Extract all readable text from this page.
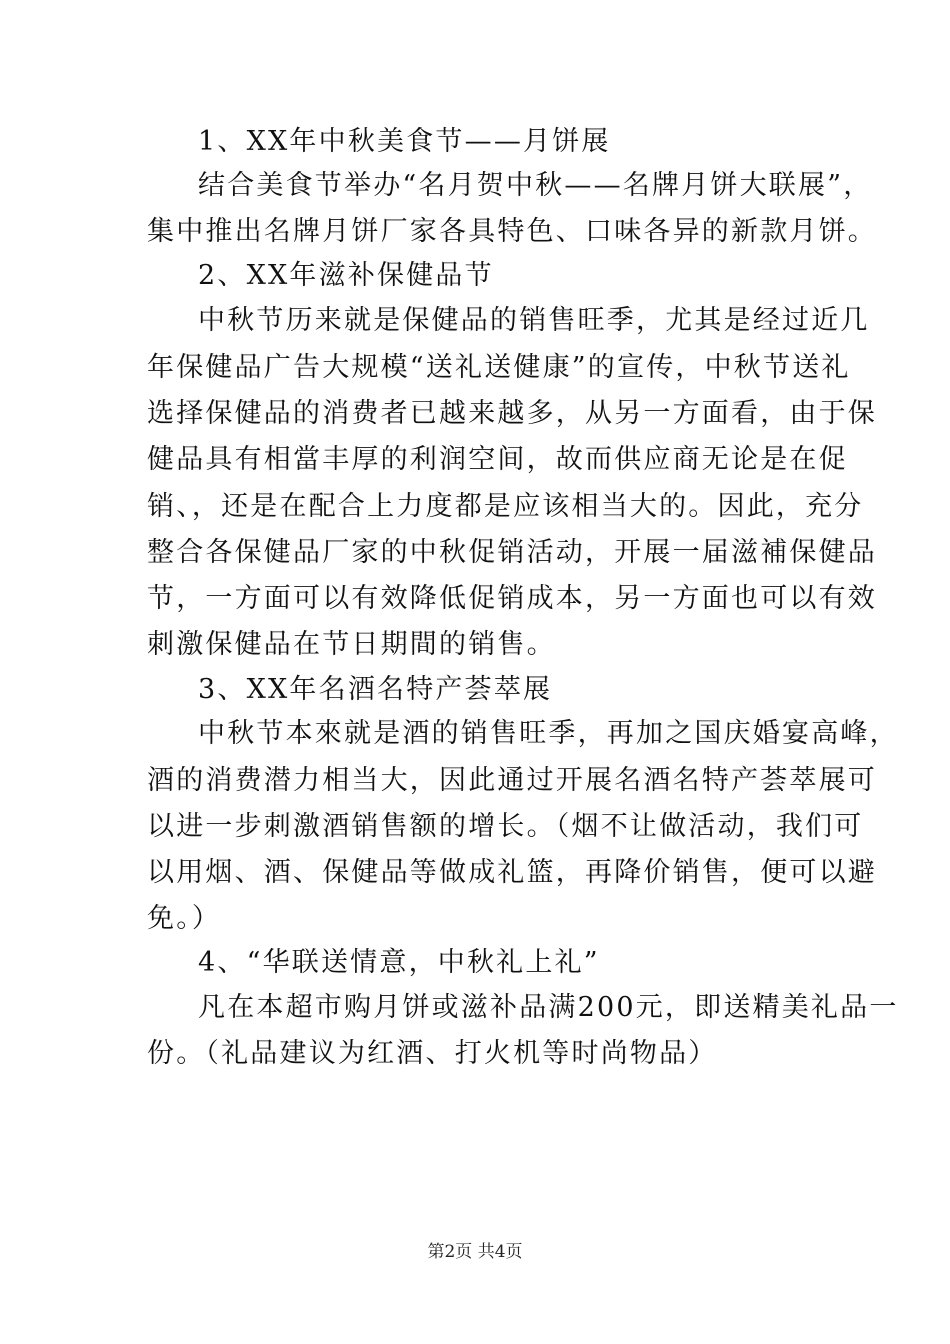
1、XX年中秋美食节——月饼展
结合美食节举办“名月贺中秋——名牌月饼大联展”，
集中推出名牌月饼厂家各具特色、口味各异的新款月饼。
2、XX年滋补保健品节
中秋节历来就是保健品的销售旺季，尤其是经过近几
年保健品广告大规模“送礼送健康”的宣传，中秋节送礼
选择保健品的消费者已越来越多，从另一方面看，由于保
健品具有相當丰厚的利润空间，故而供应商无论是在促
销、，还是在配合上力度都是应该相当大的。因此，充分
整合各保健品厂家的中秋促销活动，开展一届滋補保健品
节，一方面可以有效降低促销成本，另一方面也可以有效
刺激保健品在节日期間的销售。
3、XX年名酒名特产荟萃展
中秋节本來就是酒的销售旺季，再加之国庆婚宴高峰，
酒的消费潜力相当大，因此通过开展名酒名特产荟萃展可
以进一步刺激酒销售额的增长。（烟不让做活动，我们可
以用烟、酒、保健品等做成礼篮，再降价销售，便可以避
免。）
4、“华联送情意，中秋礼上礼”
凡在本超市购月饼或滋补品满200元，即送精美礼品一
份。（礼品建议为红酒、打火机等时尚物品）
第2页 共4页
